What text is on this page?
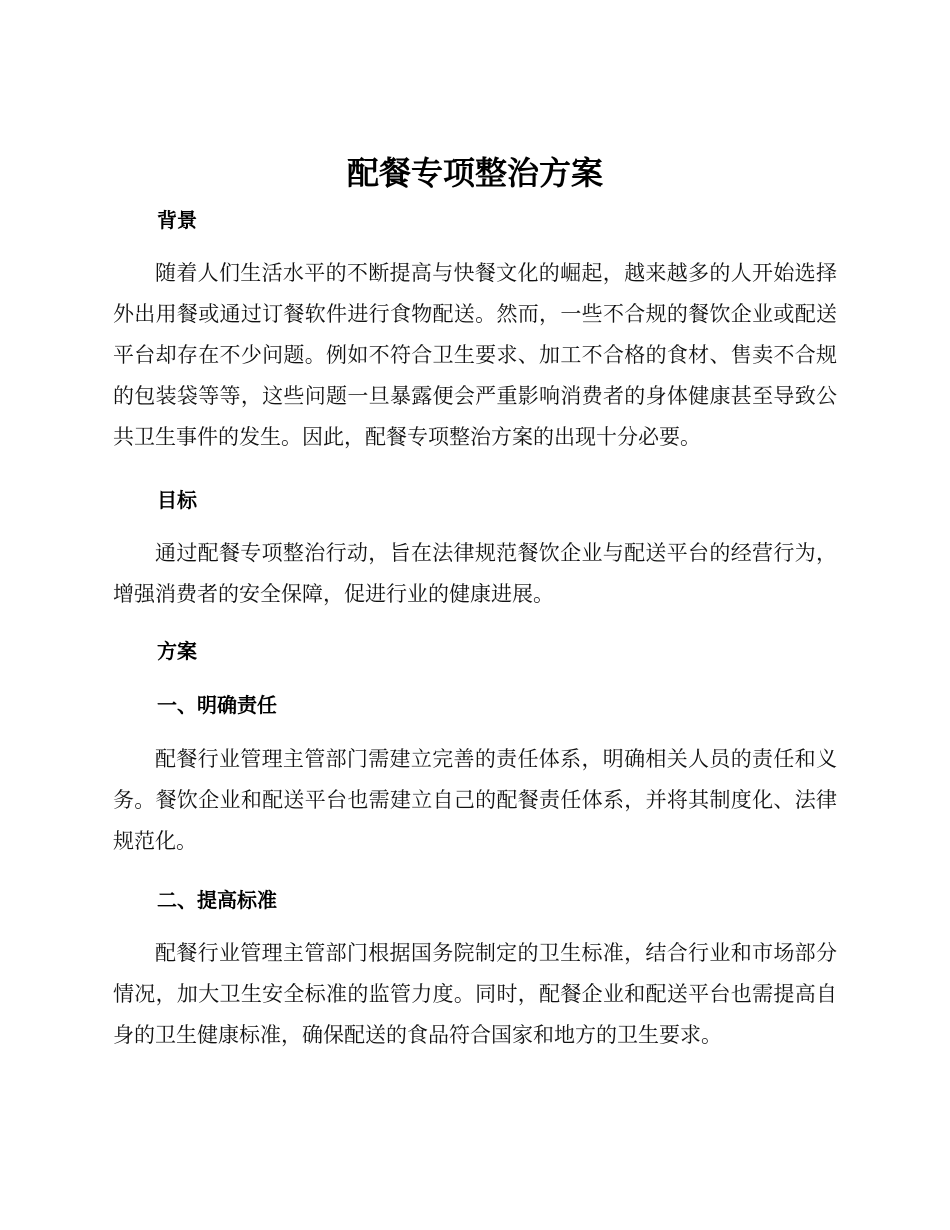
配餐专项整治方案
背景

随着人们生活水平的不断提高与快餐文化的崛起，越来越多的人开始选择外出用餐或通过订餐软件进行食物配送。然而，一些不合规的餐饮企业或配送平台却存在不少问题。例如不符合卫生要求、加工不合格的食材、售卖不合规的包装袋等等，这些问题一旦暴露便会严重影响消费者的身体健康甚至导致公共卫生事件的发生。因此，配餐专项整治方案的出现十分必要。

目标

通过配餐专项整治行动，旨在法律规范餐饮企业与配送平台的经营行为，增强消费者的安全保障，促进行业的健康进展。

方案
一、明确责任

配餐行业管理主管部门需建立完善的责任体系，明确相关人员的责任和义务。餐饮企业和配送平台也需建立自己的配餐责任体系，并将其制度化、法律规范化。

二、提高标准

配餐行业管理主管部门根据国务院制定的卫生标准，结合行业和市场部分情况，加大卫生安全标准的监管力度。同时，配餐企业和配送平台也需提高自身的卫生健康标准，确保配送的食品符合国家和地方的卫生要求。
